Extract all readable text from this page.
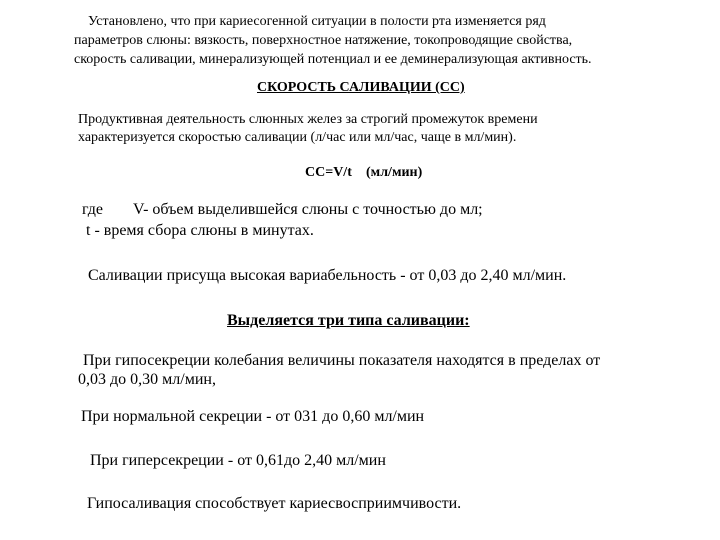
Установлено, что при кариесогенной ситуации в полости рта изменяется ряд
параметров слюны: вязкость, поверхностное натяжение, токопроводящие свойства,
скорость саливации, минерализующей потенциал и ее деминерализующая активность.
СКОРОСТЬ САЛИВАЦИИ (СС)
Продуктивная деятельность слюнных желез за строгий промежуток времени
характеризуется скоростью саливации (л/час или мл/час, чаще в мл/мин).
СС=V/t (мл/мин)
где V- объем выделившейся слюны с точностью до мл;
t - время сбора слюны в минутах.
Саливации присуща высокая вариабельность - от 0,03 до 2,40 мл/мин.
Выделяется три типа саливации:
При гипосекреции колебания величины показателя находятся в пределах от
0,03 до 0,30 мл/мин,
При нормальной секреции - от 031 до 0,60 мл/мин
При гиперсекреции - от 0,61до 2,40 мл/мин
Гипосаливация способствует кариесвосприимчивости.
